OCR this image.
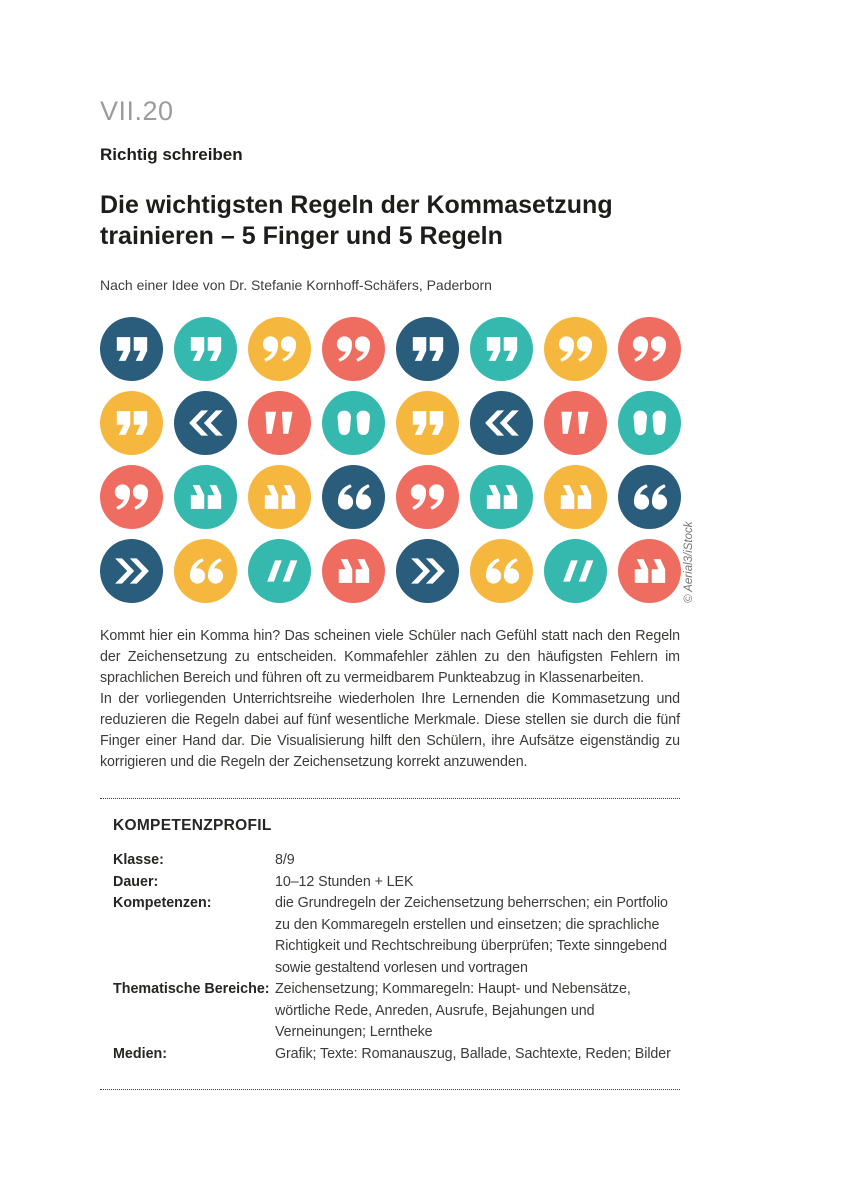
VII.20
Richtig schreiben
Die wichtigsten Regeln der Kommasetzung
trainieren – 5 Finger und 5 Regeln
Nach einer Idee von Dr. Stefanie Kornhoff-Schäfers, Paderborn
© Aerial3/iStock

Kommt hier ein Komma hin? Das scheinen viele Schüler nach Gefühl statt nach den Regeln der Zeichensetzung zu entscheiden. Kommafehler zählen zu den häufigsten Fehlern im sprachlichen Bereich und führen oft zu vermeidbarem Punkteabzug in Klassenarbeiten.

In der vorliegenden Unterrichtsreihe wiederholen Ihre Lernenden die Kommasetzung und reduzieren die Regeln dabei auf fünf wesentliche Merkmale. Diese stellen sie durch die fünf Finger einer Hand dar. Die Visualisierung hilft den Schülern, ihre Aufsätze eigenständig zu korrigieren und die Regeln der Zeichensetzung korrekt anzuwenden.

KOMPETENZPROFIL
Klasse:	8/9
Dauer:	10–12 Stunden + LEK
Kompetenzen:	die Grundregeln der Zeichensetzung beherrschen; ein Portfolio zu den Kommaregeln erstellen und einsetzen; die sprachliche Richtigkeit und Rechtschreibung überprüfen; Texte sinngebend sowie gestaltend vorlesen und vortragen
Thematische Bereiche: Zeichensetzung; Kommaregeln: Haupt- und Nebensätze, wörtliche Rede, Anreden, Ausrufe, Bejahungen und Verneinungen; Lerntheke
Medien:	Grafik; Texte: Romanauszug, Ballade, Sachtexte, Reden; Bilder
